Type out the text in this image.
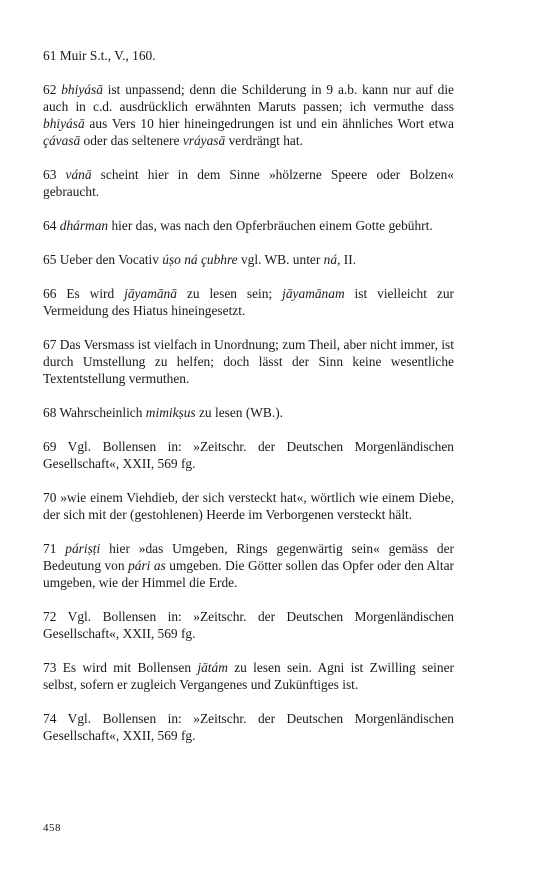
61 Muir S.t., V., 160.

62 bhiyásā ist unpassend; denn die Schilderung in 9 a.b. kann nur auf die auch in c.d. ausdrücklich erwähnten Maruts passen; ich vermuthe dass bhiyásā aus Vers 10 hier hineingedrungen ist und ein ähnliches Wort etwa çávasā oder das seltenere vráyasā verdrängt hat.

63 vánā scheint hier in dem Sinne »hölzerne Speere oder Bolzen« gebraucht.

64 dhárman hier das, was nach den Opferbräuchen einem Gotte gebührt.

65 Ueber den Vocativ úṣo ná çubhre vgl. WB. unter ná, II.

66 Es wird jāyamānā zu lesen sein; jāyamānam ist vielleicht zur Vermeidung des Hiatus hineingesetzt.

67 Das Versmass ist vielfach in Unordnung; zum Theil, aber nicht immer, ist durch Umstellung zu helfen; doch lässt der Sinn keine wesentliche Textentstellung vermuthen.

68 Wahrscheinlich mimikṣus zu lesen (WB.).

69 Vgl. Bollensen in: »Zeitschr. der Deutschen Morgenländischen Gesellschaft«, XXII, 569 fg.

70 »wie einem Viehdieb, der sich versteckt hat«, wörtlich wie einem Diebe, der sich mit der (gestohlenen) Heerde im Verborgenen versteckt hält.

71 páriṣṭi hier »das Umgeben, Rings gegenwärtig sein« gemäss der Bedeutung von pári as umgeben. Die Götter sollen das Opfer oder den Altar umgeben, wie der Himmel die Erde.

72 Vgl. Bollensen in: »Zeitschr. der Deutschen Morgenländischen Gesellschaft«, XXII, 569 fg.

73 Es wird mit Bollensen jātám zu lesen sein. Agni ist Zwilling seiner selbst, sofern er zugleich Vergangenes und Zukünftiges ist.

74 Vgl. Bollensen in: »Zeitschr. der Deutschen Morgenländischen Gesellschaft«, XXII, 569 fg.

458
